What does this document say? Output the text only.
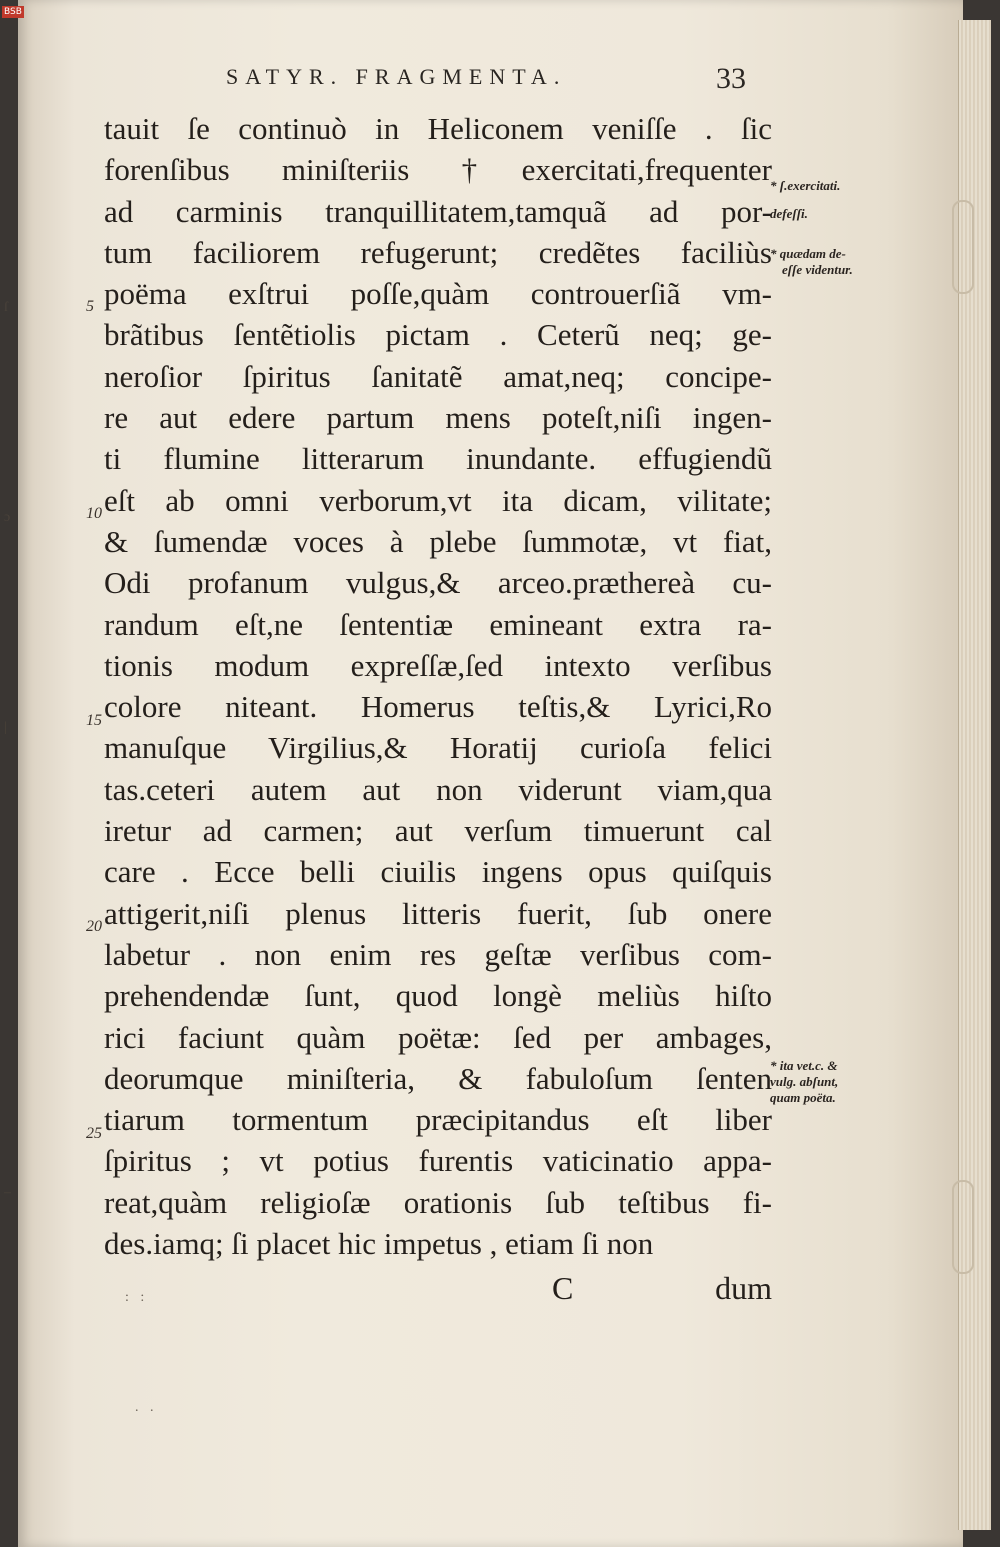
BSB
SATYR. FRAGMENTA.	33
tauit ſe continuò in Heliconem veniſſe . ſic
forenſibus miniſteriis †exercitati,frequenter
ad carminis tranquillitatem,tamquã ad por-
tum faciliorem refugerunt; credẽtes faciliùs
poëma exſtrui poſſe,quàm controuerſiã vm-
brãtibus ſentẽtiolis pictam . Ceterũ neq; ge-
neroſior ſpiritus ſanitatẽ amat,neq; concipe-
re aut edere partum mens poteſt,niſi ingen-
ti flumine litterarum inundante. effugiendũ
eſt ab omni verborum,vt ita dicam, vilitate;
& ſumendæ voces à plebe ſummotæ, vt fiat,
Odi profanum vulgus,& arceo.præthereà cu-
randum eſt,ne ſententiæ emineant extra ra-
tionis modum expreſſæ,ſed intexto verſibus
colore niteant. Homerus teſtis,& Lyrici,Ro
manuſque Virgilius,& Horatij curioſa felici
tas.ceteri autem aut non viderunt viam,qua
iretur ad carmen; aut verſum timuerunt cal
care . Ecce belli ciuilis ingens opus quiſquis
attigerit,niſi plenus litteris fuerit, ſub onere
labetur . non enim res geſtæ verſibus com-
prehendendæ ſunt, quod longè meliùs hiſto
rici faciunt quàm poëtæ: ſed per ambages,
deorumque miniſteria, & fabuloſum ſenten
tiarum tormentum præcipitandus eſt liber
ſpiritus ; vt potius furentis vaticinatio appa-
reat,quàm religioſæ orationis ſub teſtibus fi-
des.iamq; ſi placet hic impetus , etiam ſi non
C	dum
5
10
15
20
25
* ſ.exercitati.
defeſſi.
* quædam de-
eſſe videntur.
* ita vet.c. &
vulg. abſunt,
quam poëta.
ſ
ɔ
|
–
: :
. .
